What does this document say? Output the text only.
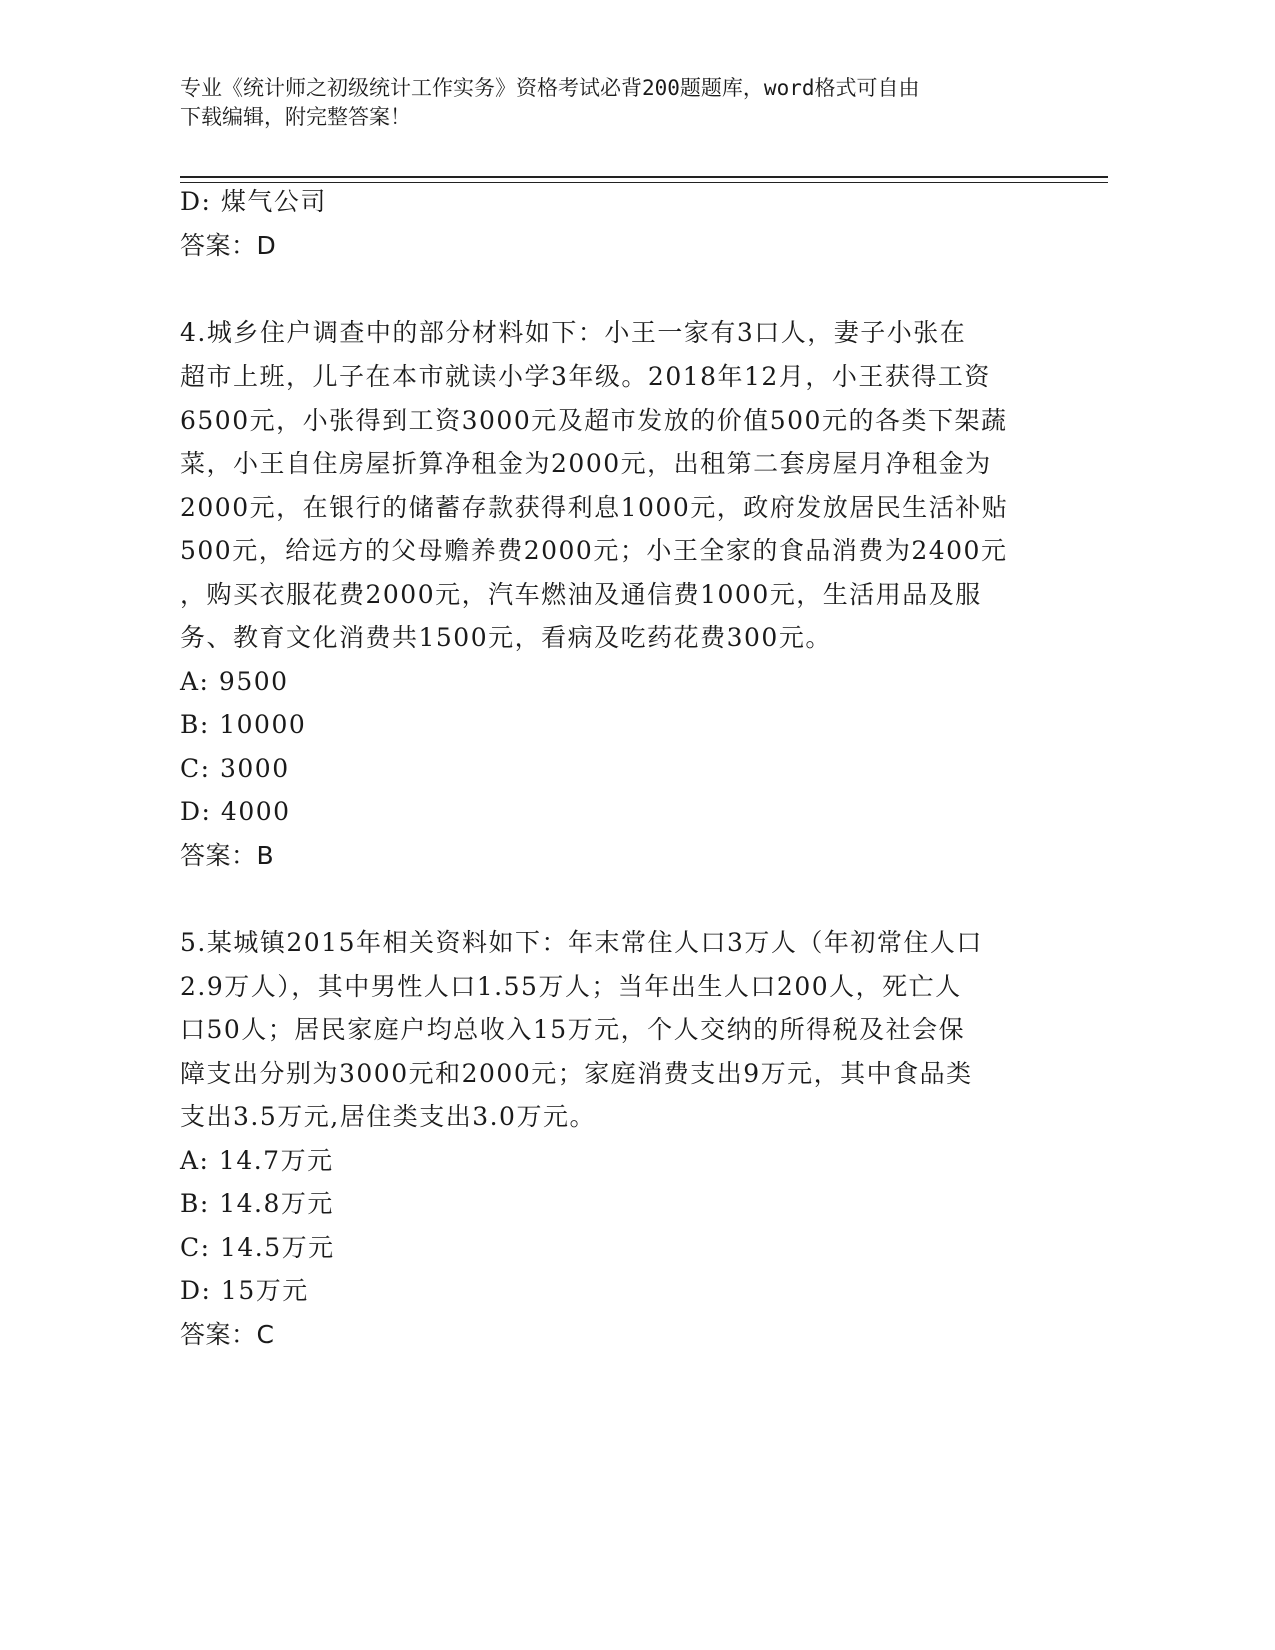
专业《统计师之初级统计工作实务》资格考试必背200题题库，word格式可自由
下载编辑，附完整答案！
D: 煤气公司
答案：D
4.城乡住户调查中的部分材料如下：小王一家有3口人，妻子小张在
超市上班，儿子在本市就读小学3年级。2018年12月，小王获得工资
6500元，小张得到工资3000元及超市发放的价值500元的各类下架蔬
菜，小王自住房屋折算净租金为2000元，出租第二套房屋月净租金为
2000元，在银行的储蓄存款获得利息1000元，政府发放居民生活补贴
500元，给远方的父母赡养费2000元；小王全家的食品消费为2400元
，购买衣服花费2000元，汽车燃油及通信费1000元，生活用品及服
务、教育文化消费共1500元，看病及吃药花费300元。
A: 9500
B: 10000
C: 3000
D: 4000
答案：B
5.某城镇2015年相关资料如下：年末常住人口3万人（年初常住人口
2.9万人），其中男性人口1.55万人；当年出生人口200人，死亡人
口50人；居民家庭户均总收入15万元，个人交纳的所得税及社会保
障支出分别为3000元和2000元；家庭消费支出9万元，其中食品类
支出3.5万元,居住类支出3.0万元。
A: 14.7万元
B: 14.8万元
C: 14.5万元
D: 15万元
答案：C
